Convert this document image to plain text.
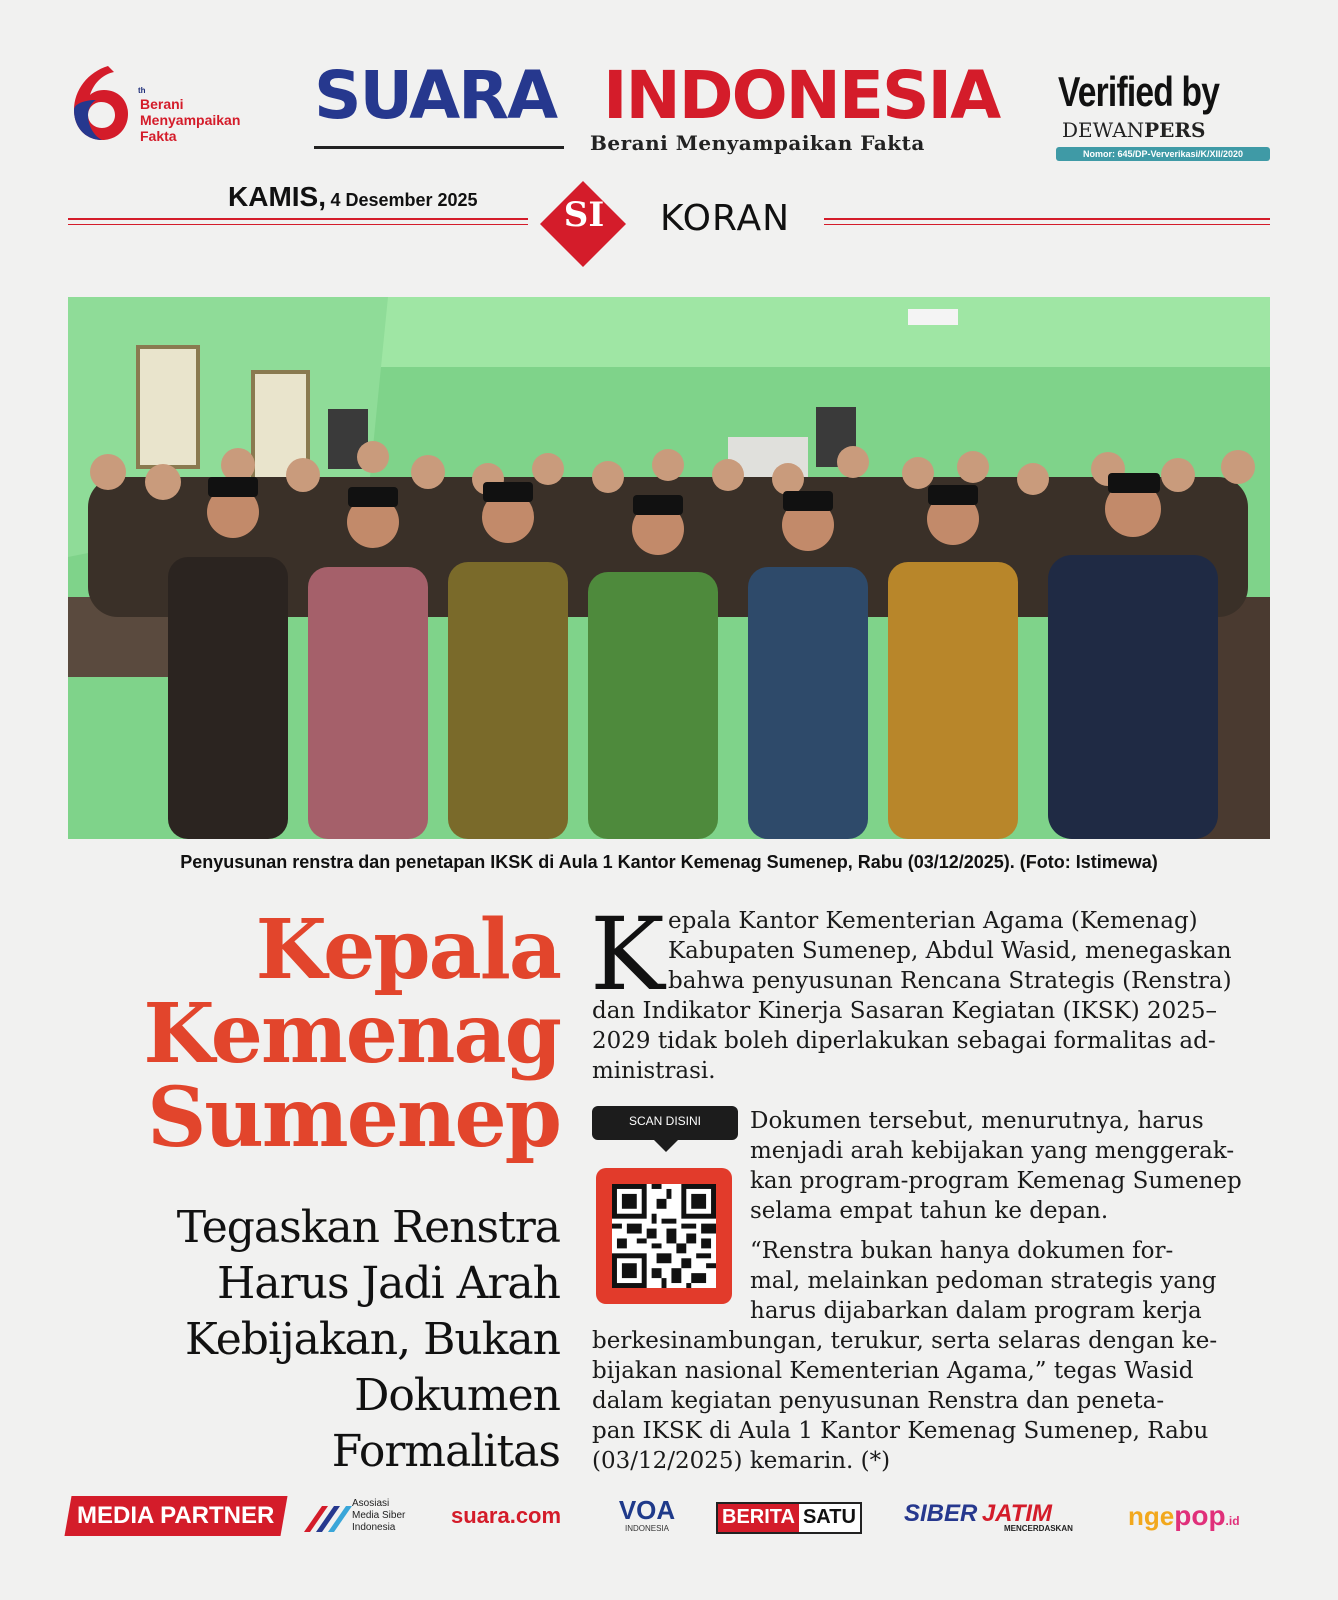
th
Berani
Menyampaikan
Fakta
SUARA INDONESIA
Berani Menyampaikan Fakta
Verified by
DEWANPERS
Nomor: 645/DP-Ververikasi/K/XII/2020
KAMIS, 4 Desember 2025	SI	KORAN
Penyusunan renstra dan penetapan IKSK di Aula 1 Kantor Kemenag Sumenep, Rabu (03/12/2025). (Foto: Istimewa)
Kepala
Kemenag
Sumenep
Tegaskan Renstra
Harus Jadi Arah
Kebijakan, Bukan
Dokumen
Formalitas
K epala Kantor Kementerian Agama (Kemenag)
Kabupaten Sumenep, Abdul Wasid, menegaskan
bahwa penyusunan Rencana Strategis (Renstra)
dan Indikator Kinerja Sasaran Kegiatan (IKSK) 2025–
2029 tidak boleh diperlakukan sebagai formalitas ad-
ministrasi.
Dokumen tersebut, menurutnya, harus
menjadi arah kebijakan yang menggerak-
kan program-program Kemenag Sumenep
selama empat tahun ke depan.
“Renstra bukan hanya dokumen for-
mal, melainkan pedoman strategis yang
harus dijabarkan dalam program kerja
berkesinambungan, terukur, serta selaras dengan ke-
bijakan nasional Kementerian Agama,” tegas Wasid
dalam kegiatan penyusunan Renstra dan peneta-
pan IKSK di Aula 1 Kantor Kemenag Sumenep, Rabu
(03/12/2025) kemarin. (*)
SCAN DISINI
MEDIA PARTNER	Asosiasi
Media Siber
Indonesia	suara.com VOA
INDONESIA
BERITA SATU SIBER JATIM
MENCERDASKAN ngepop.id
